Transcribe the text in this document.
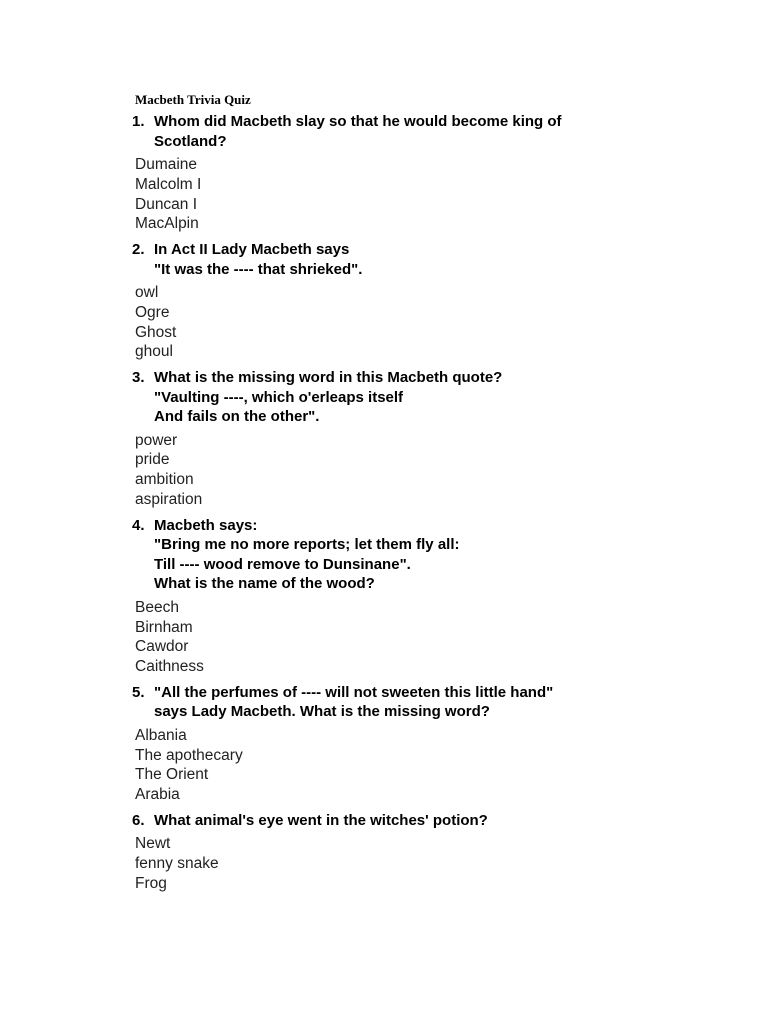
Macbeth Trivia Quiz
1. Whom did Macbeth slay so that he would become king of
Scotland?
Dumaine
Malcolm I
Duncan I
MacAlpin
2. In Act II Lady Macbeth says
"It was the ---- that shrieked".
owl
Ogre
Ghost
ghoul
3. What is the missing word in this Macbeth quote?
"Vaulting ----, which o'erleaps itself
And fails on the other".
power
pride
ambition
aspiration
4. Macbeth says:
"Bring me no more reports; let them fly all:
Till ---- wood remove to Dunsinane".
What is the name of the wood?
Beech
Birnham
Cawdor
Caithness
5. "All the perfumes of ---- will not sweeten this little hand"
says Lady Macbeth. What is the missing word?
Albania
The apothecary
The Orient
Arabia
6. What animal's eye went in the witches' potion?
Newt
fenny snake
Frog
